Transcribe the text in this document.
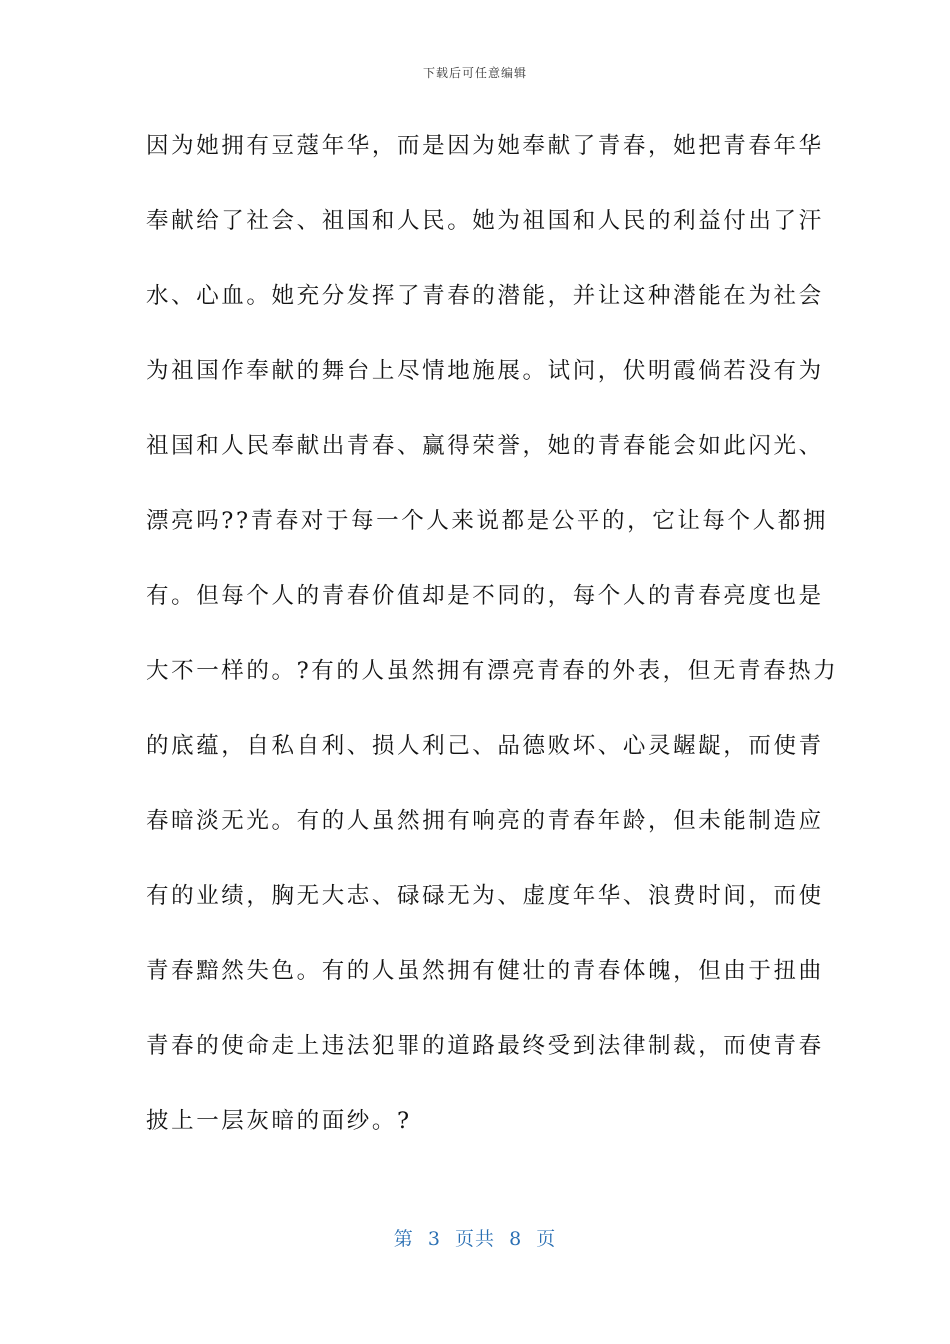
下载后可任意编辑
因为她拥有豆蔻年华，而是因为她奉献了青春，她把青春年华
奉献给了社会、祖国和人民。她为祖国和人民的利益付出了汗
水、心血。她充分发挥了青春的潜能，并让这种潜能在为社会
为祖国作奉献的舞台上尽情地施展。试问，伏明霞倘若没有为
祖国和人民奉献出青春、赢得荣誉，她的青春能会如此闪光、
漂亮吗??青春对于每一个人来说都是公平的，它让每个人都拥
有。但每个人的青春价值却是不同的，每个人的青春亮度也是
大不一样的。?有的人虽然拥有漂亮青春的外表，但无青春热力
的底蕴，自私自利、损人利己、品德败坏、心灵龌龊，而使青
春暗淡无光。有的人虽然拥有响亮的青春年龄，但未能制造应
有的业绩，胸无大志、碌碌无为、虚度年华、浪费时间，而使
青春黯然失色。有的人虽然拥有健壮的青春体魄，但由于扭曲
青春的使命走上违法犯罪的道路最终受到法律制裁，而使青春
披上一层灰暗的面纱。?
第  3  页共  8  页
